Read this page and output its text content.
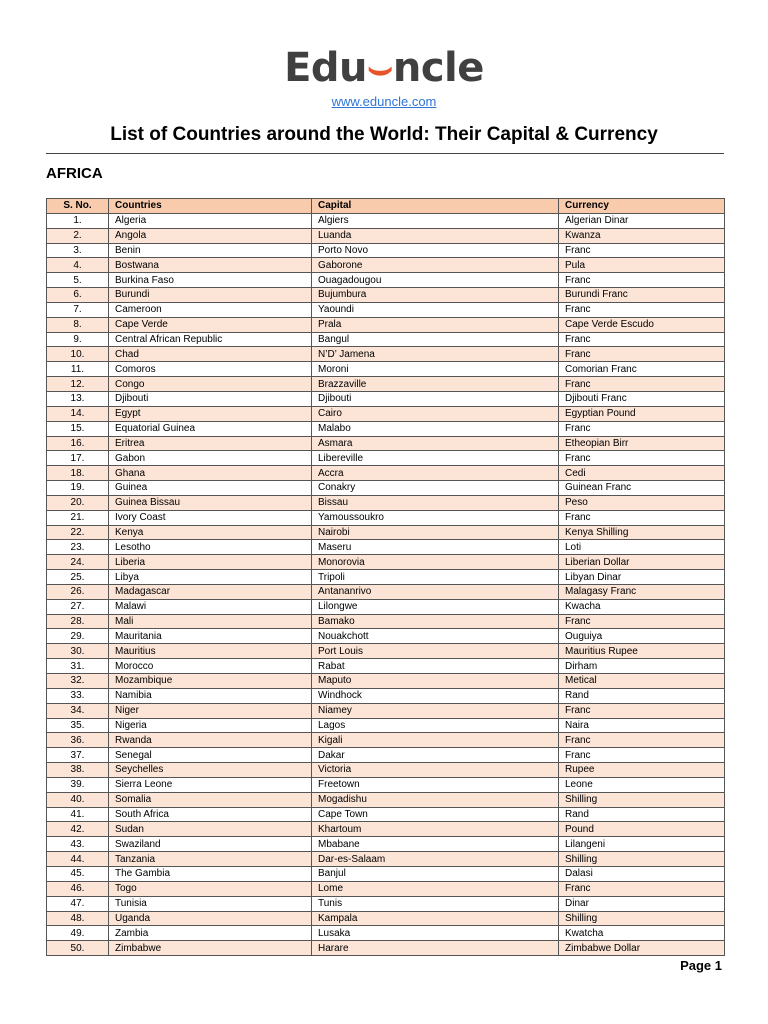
Edu⌣ncle
www.eduncle.com
List of Countries around the World: Their Capital & Currency
AFRICA
S. No.	Countries	Capital	Currency
1.	Algeria	Algiers	Algerian Dinar
2.	Angola	Luanda	Kwanza
3.	Benin	Porto Novo	Franc
4.	Bostwana	Gaborone	Pula
5.	Burkina Faso	Ouagadougou	Franc
6.	Burundi	Bujumbura	Burundi Franc
7.	Cameroon	Yaoundi	Franc
8.	Cape Verde	Prala	Cape Verde Escudo
9.	Central African Republic	Bangul	Franc
10.	Chad	N’D’ Jamena	Franc
11.	Comoros	Moroni	Comorian Franc
12.	Congo	Brazzaville	Franc
13.	Djibouti	Djibouti	Djibouti Franc
14.	Egypt	Cairo	Egyptian Pound
15.	Equatorial Guinea	Malabo	Franc
16.	Eritrea	Asmara	Etheopian Birr
17.	Gabon	Libereville	Franc
18.	Ghana	Accra	Cedi
19.	Guinea	Conakry	Guinean Franc
20.	Guinea Bissau	Bissau	Peso
21.	Ivory Coast	Yamoussoukro	Franc
22.	Kenya	Nairobi	Kenya Shilling
23.	Lesotho	Maseru	Loti
24.	Liberia	Monorovia	Liberian Dollar
25.	Libya	Tripoli	Libyan Dinar
26.	Madagascar	Antananrivo	Malagasy Franc
27.	Malawi	Lilongwe	Kwacha
28.	Mali	Bamako	Franc
29.	Mauritania	Nouakchott	Ouguiya
30.	Mauritius	Port Louis	Mauritius Rupee
31.	Morocco	Rabat	Dirham
32.	Mozambique	Maputo	Metical
33.	Namibia	Windhock	Rand
34.	Niger	Niamey	Franc
35.	Nigeria	Lagos	Naira
36.	Rwanda	Kigali	Franc
37.	Senegal	Dakar	Franc
38.	Seychelles	Victoria	Rupee
39.	Sierra Leone	Freetown	Leone
40.	Somalia	Mogadishu	Shilling
41.	South Africa	Cape Town	Rand
42.	Sudan	Khartoum	Pound
43.	Swaziland	Mbabane	Lilangeni
44.	Tanzania	Dar-es-Salaam	Shilling
45.	The Gambia	Banjul	Dalasi
46.	Togo	Lome	Franc
47.	Tunisia	Tunis	Dinar
48.	Uganda	Kampala	Shilling
49.	Zambia	Lusaka	Kwatcha
50.	Zimbabwe	Harare	Zimbabwe Dollar
Page 1
